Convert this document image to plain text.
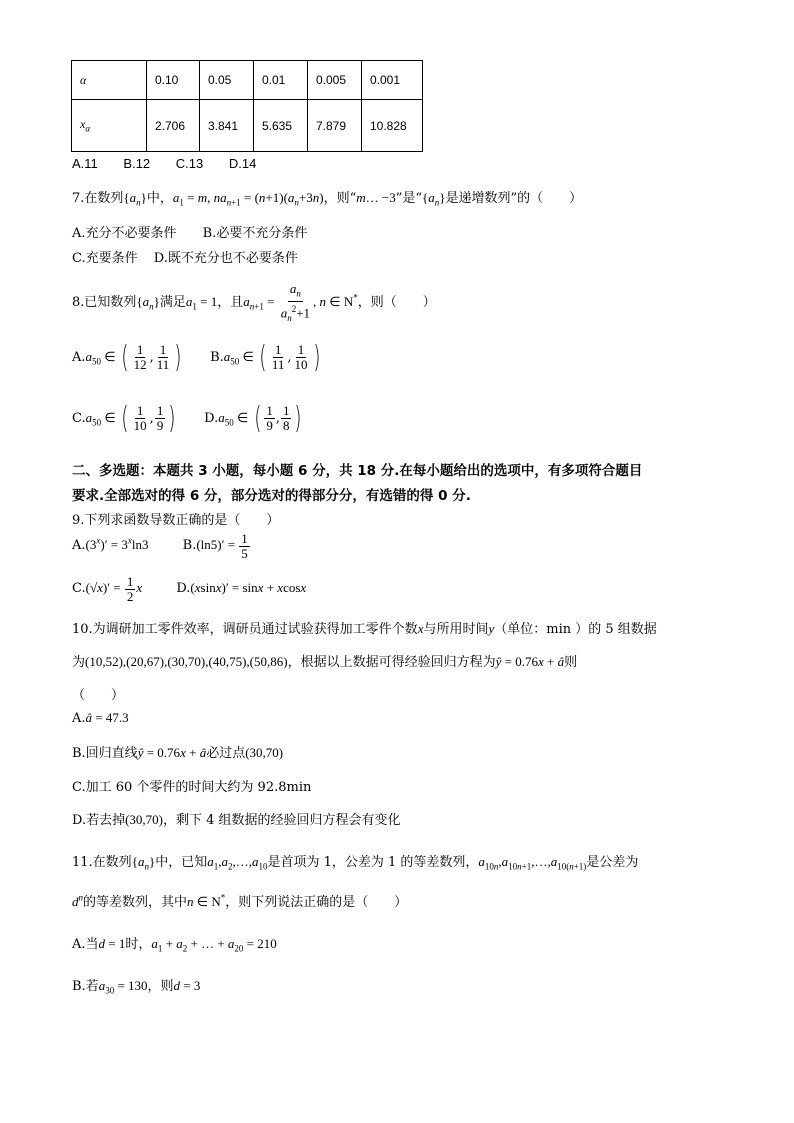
α	0.10	0.05	0.01	0.005	0.001
$x_\alpha$	2.706	3.841	5.635	7.879	10.828
A.11 B.12 C.13 D.14
7.在数列$\{a_n\}$中，$a_1 = m$, $na_{n+1} = (n+1)(a_n+3n)$，则“m… −3”是“$\{a_n\}$是递增数列”的（　　）
A.充分不必要条件 B.必要不充分条件
C.充要条件 D.既不充分也不必要条件
8.已知数列$\{a_n\}$满足$a_1 = 1$，且$a_{n+1} = \frac{a_n}{a_n^2+1}$ , n ∈ N*，则（　　）
$A.a_{50}$ ∈ ( $\frac{1}{12}$ , $\frac{1}{11}$ ) $B.a_{50}$ ∈ ( $\frac{1}{11}$ , $\frac{1}{10}$ )
$C.a_{50}$ ∈ ( $\frac{1}{10}$ , $\frac{1}{9}$ ) $D.a_{50}$ ∈ ( $\frac{1}{9}$ , $\frac{1}{8}$ )
二、多选题：本题共 3 小题，每小题 6 分，共 18 分.在每小题给出的选项中，有多项符合题目
要求.全部选对的得 6 分，部分选对的得部分分，有选错的得 0 分.
9.下列求函数导数正确的是（　　）
$A.(3^x)' = 3^x\ln 3$	$B.(\ln 5)' = \frac{1}{5}$
$C.(√x)' = \frac{1}{2}$ x	D.(xsinx)′ = sinx + xcosx
10.为调研加工零件效率，调研员通过试验获得加工零件个数x与所用时间y（单位：min ）的 5 组数据
为(10,52),(20,67),(30,70),(40,75),(50,86)，根据以上数据可得经验回归方程为ŷ = 0.76x + â则
（　　）
A.â = 47.3
B.回归直线ŷ = 0.76x + â必过点(30,70)
C.加工 60 个零件的时间大约为 92.8min
D.若去掉(30,70)，剩下 4 组数据的经验回归方程会有变化
11.在数列$\{a_n\}$中，已知$a_1,a_2,\dots,a_{10}$是首项为 1，公差为 1 的等差数列，$a_{10n},a_{10n+1},\dots,a_{10(n+1)}$是公差为
$d^n$的等差数列，其中n ∈ N*，则下列说法正确的是（　　）
A.当d = 1时，$a_1 + a_2$ + … + $a_{20} = 210$
B.若$a_{30} = 130$，则d = 3
